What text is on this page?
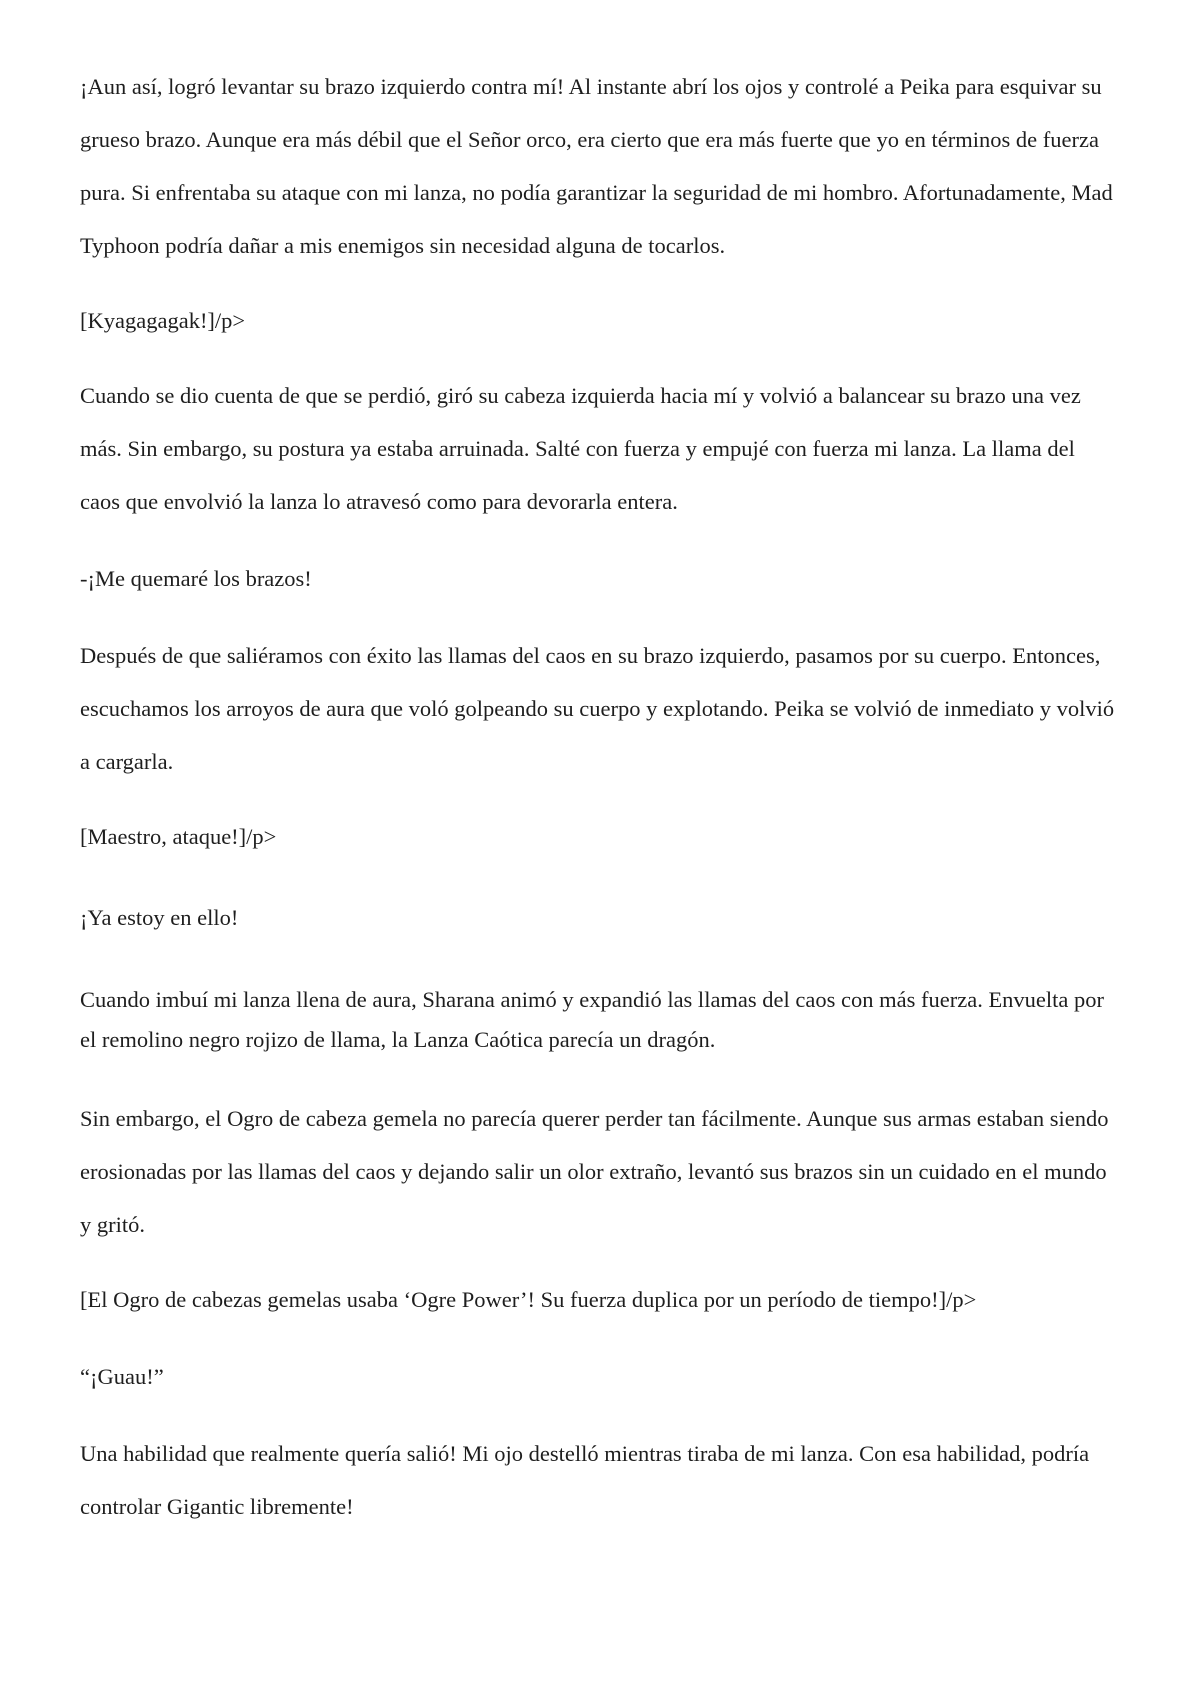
¡Aun así, logró levantar su brazo izquierdo contra mí! Al instante abrí los ojos y controlé a Peika para esquivar su grueso brazo. Aunque era más débil que el Señor orco, era cierto que era más fuerte que yo en términos de fuerza pura. Si enfrentaba su ataque con mi lanza, no podía garantizar la seguridad de mi hombro. Afortunadamente, Mad Typhoon podría dañar a mis enemigos sin necesidad alguna de tocarlos.

[Kyagagagak!]/p>

Cuando se dio cuenta de que se perdió, giró su cabeza izquierda hacia mí y volvió a balancear su brazo una vez más. Sin embargo, su postura ya estaba arruinada. Salté con fuerza y empujé con fuerza mi lanza. La llama del caos que envolvió la lanza lo atravesó como para devorarla entera.

-¡Me quemaré los brazos!

Después de que saliéramos con éxito las llamas del caos en su brazo izquierdo, pasamos por su cuerpo. Entonces, escuchamos los arroyos de aura que voló golpeando su cuerpo y explotando. Peika se volvió de inmediato y volvió a cargarla.

[Maestro, ataque!]/p>

¡Ya estoy en ello!

Cuando imbuí mi lanza llena de aura, Sharana animó y expandió las llamas del caos con más fuerza. Envuelta por el remolino negro rojizo de llama, la Lanza Caótica parecía un dragón.

Sin embargo, el Ogro de cabeza gemela no parecía querer perder tan fácilmente. Aunque sus armas estaban siendo erosionadas por las llamas del caos y dejando salir un olor extraño, levantó sus brazos sin un cuidado en el mundo y gritó.

[El Ogro de cabezas gemelas usaba ‘Ogre Power’! Su fuerza duplica por un período de tiempo!]/p>

“¡Guau!”

Una habilidad que realmente quería salió! Mi ojo destelló mientras tiraba de mi lanza. Con esa habilidad, podría controlar Gigantic libremente!
